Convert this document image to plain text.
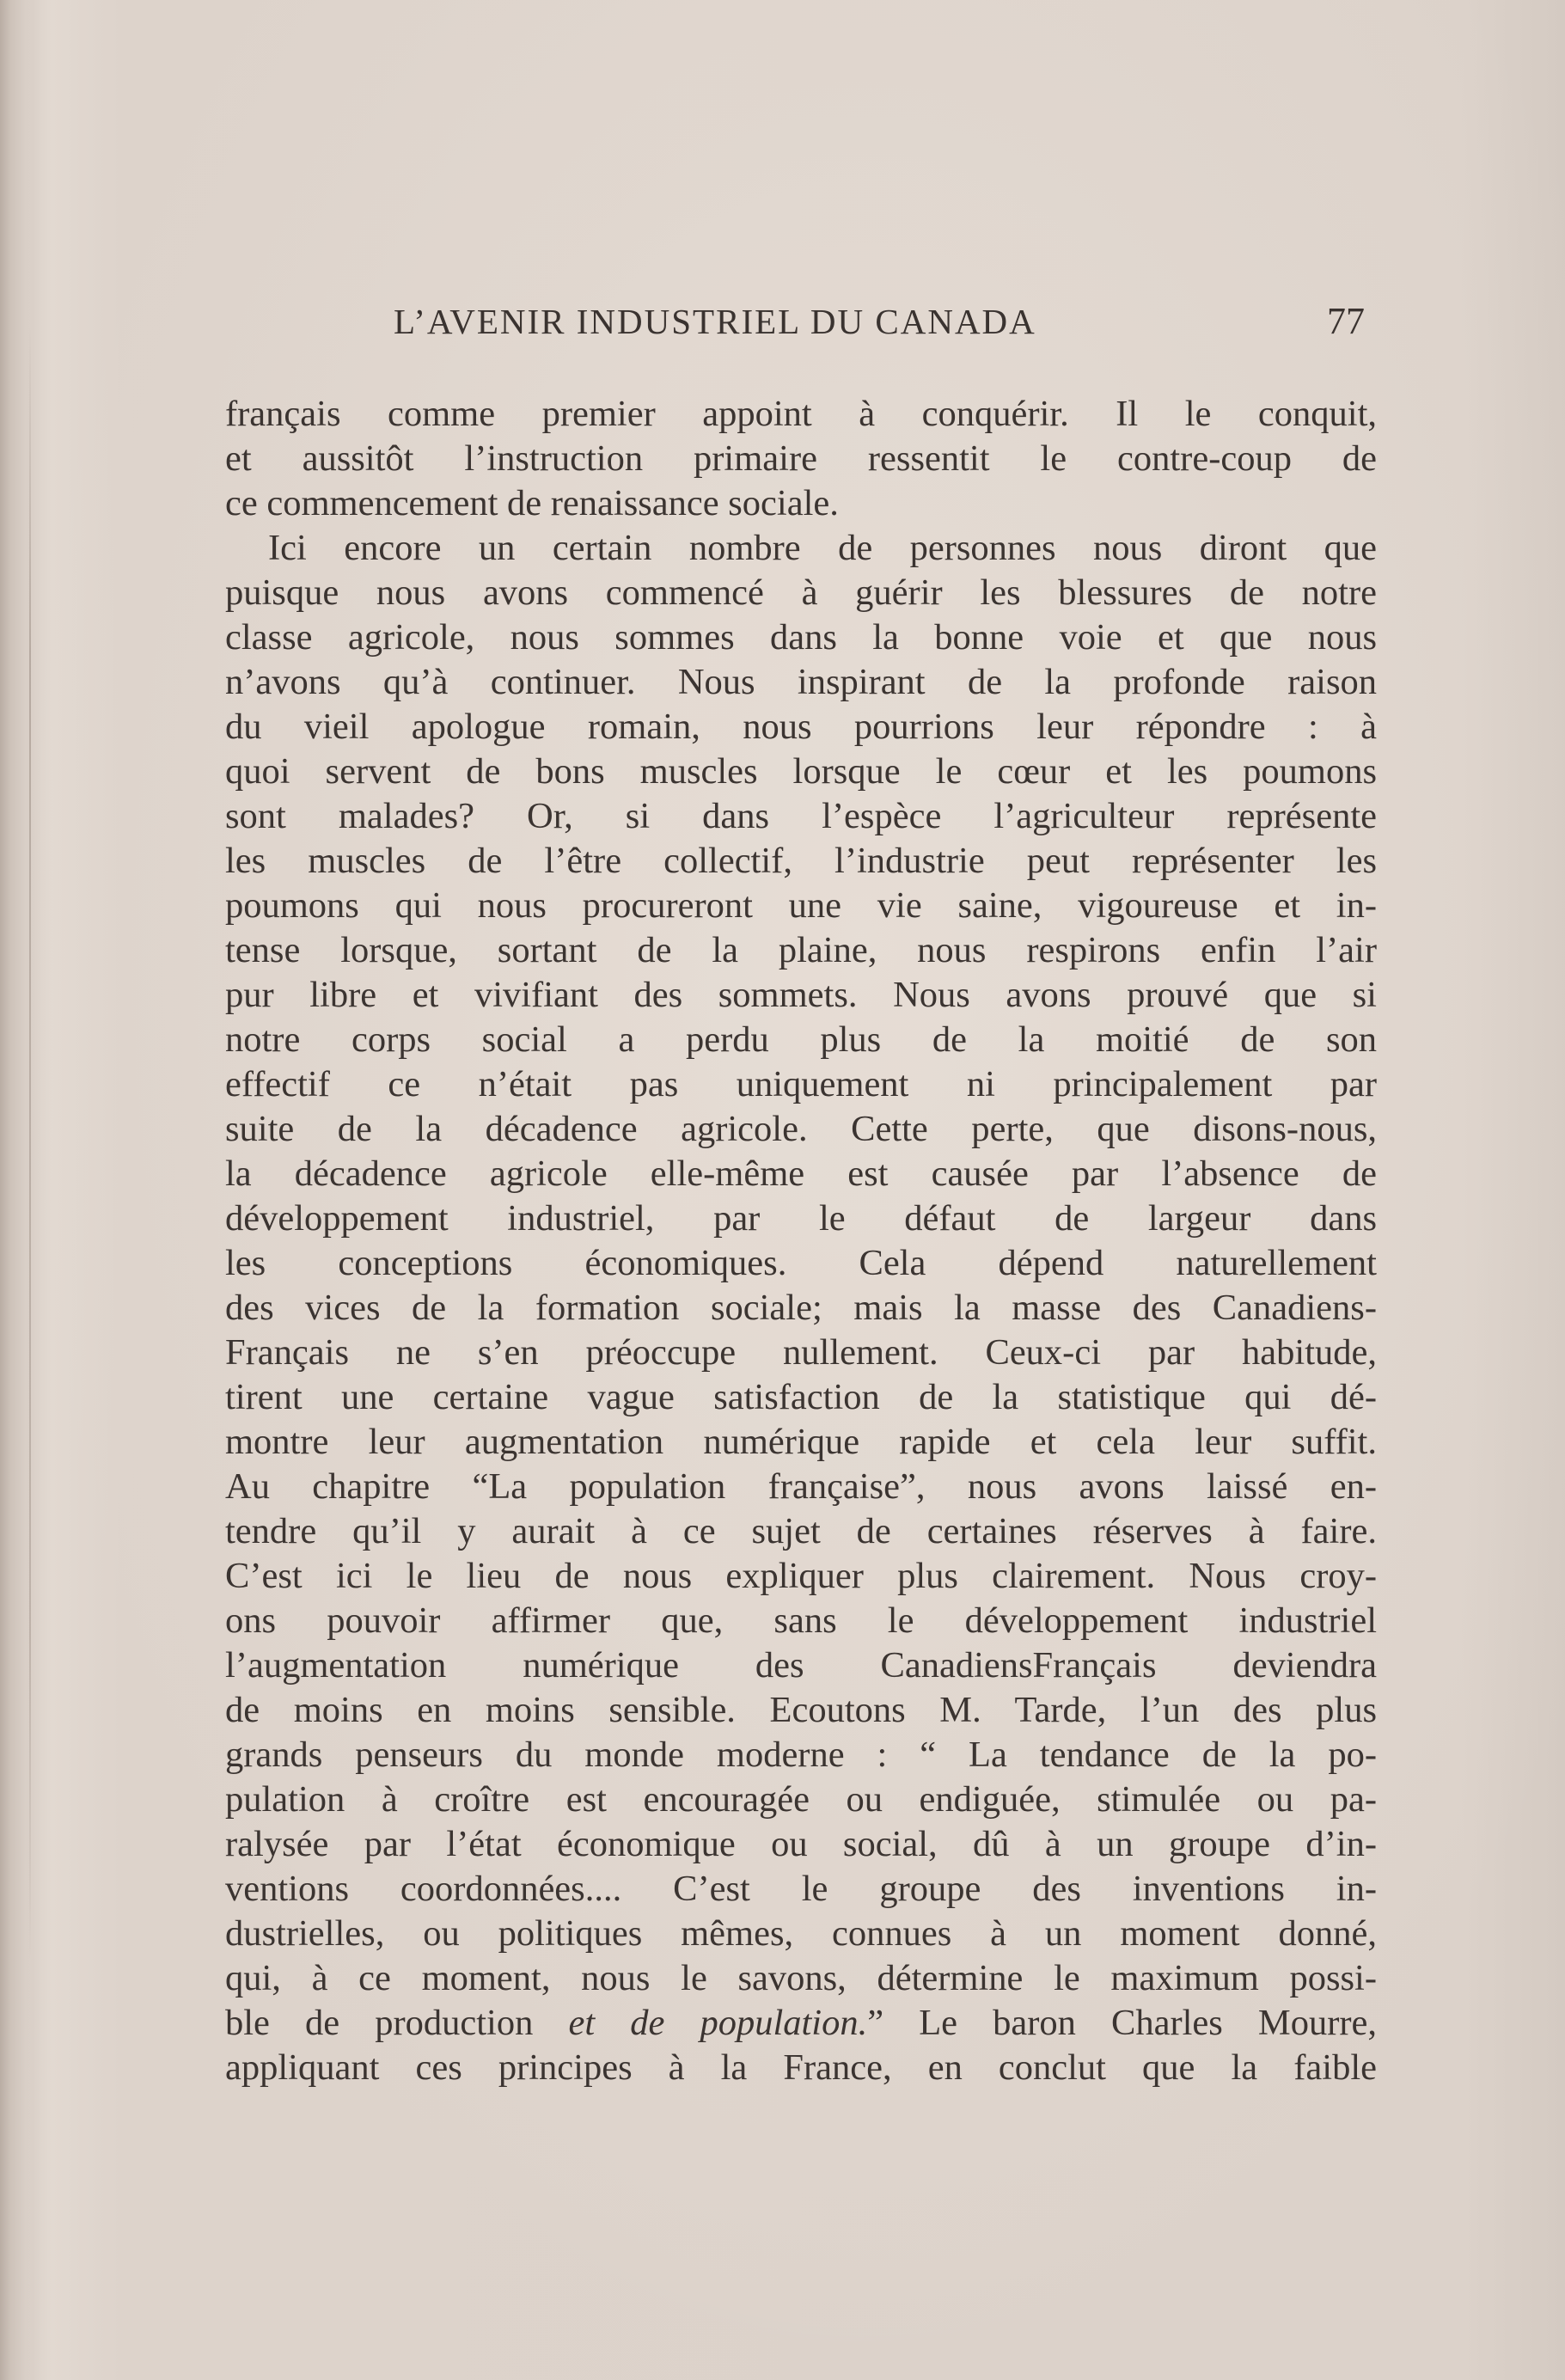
L’AVENIR INDUSTRIEL DU CANADA	77
français comme premier appoint à conquérir. Il le conquit,
et aussitôt l’instruction primaire ressentit le contre-coup de
ce commencement de renaissance sociale.
Ici encore un certain nombre de personnes nous diront que
puisque nous avons commencé à guérir les blessures de notre
classe agricole, nous sommes dans la bonne voie et que nous
n’avons qu’à continuer. Nous inspirant de la profonde raison
du vieil apologue romain, nous pourrions leur répondre : à
quoi servent de bons muscles lorsque le cœur et les poumons
sont malades? Or, si dans l’espèce l’agriculteur représente
les muscles de l’être collectif, l’industrie peut représenter les
poumons qui nous procureront une vie saine, vigoureuse et in-
tense lorsque, sortant de la plaine, nous respirons enfin l’air
pur libre et vivifiant des sommets. Nous avons prouvé que si
notre corps social a perdu plus de la moitié de son
effectif ce n’était pas uniquement ni principalement par
suite de la décadence agricole. Cette perte, que disons-nous,
la décadence agricole elle-même est causée par l’absence de
développement industriel, par le défaut de largeur dans
les conceptions économiques. Cela dépend naturellement
des vices de la formation sociale; mais la masse des Canadiens-
Français ne s’en préoccupe nullement. Ceux-ci par habitude,
tirent une certaine vague satisfaction de la statistique qui dé-
montre leur augmentation numérique rapide et cela leur suffit.
Au chapitre “La population française”, nous avons laissé en-
tendre qu’il y aurait à ce sujet de certaines réserves à faire.
C’est ici le lieu de nous expliquer plus clairement. Nous croy-
ons pouvoir affirmer que, sans le développement industriel
l’augmentation numérique des CanadiensFrançais deviendra
de moins en moins sensible. Ecoutons M. Tarde, l’un des plus
grands penseurs du monde moderne : “ La tendance de la po-
pulation à croître est encouragée ou endiguée, stimulée ou pa-
ralysée par l’état économique ou social, dû à un groupe d’in-
ventions coordonnées.... C’est le groupe des inventions in-
dustrielles, ou politiques mêmes, connues à un moment donné,
qui, à ce moment, nous le savons, détermine le maximum possi-
ble de production et de population.” Le baron Charles Mourre,
appliquant ces principes à la France, en conclut que la faible
